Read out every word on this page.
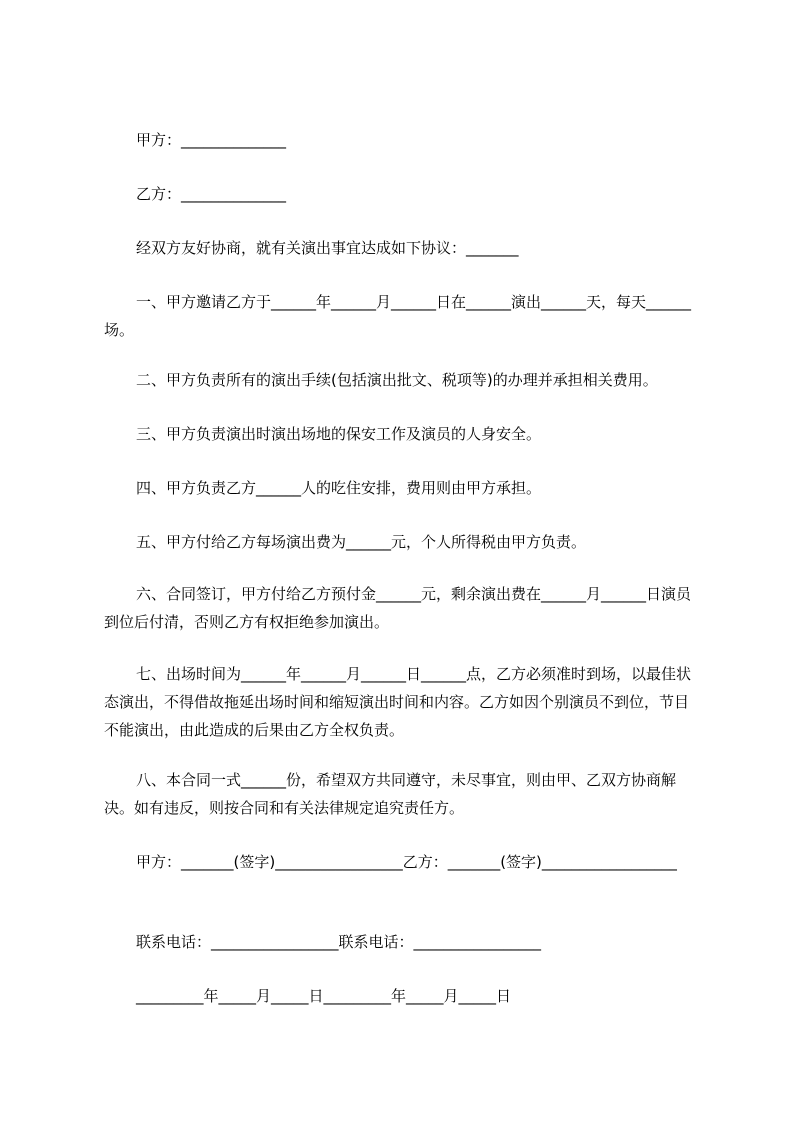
甲方：______________

乙方：______________

经双方友好协商，就有关演出事宜达成如下协议：_______

一、甲方邀请乙方于______年______月______日在______演出______天，每天______场。

二、甲方负责所有的演出手续(包括演出批文、税项等)的办理并承担相关费用。

三、甲方负责演出时演出场地的保安工作及演员的人身安全。

四、甲方负责乙方______人的吃住安排，费用则由甲方承担。

五、甲方付给乙方每场演出费为______元，个人所得税由甲方负责。

六、合同签订，甲方付给乙方预付金______元，剩余演出费在______月______日演员到位后付清，否则乙方有权拒绝参加演出。

七、出场时间为______年______月______日______点，乙方必须准时到场，以最佳状态演出，不得借故拖延出场时间和缩短演出时间和内容。乙方如因个别演员不到位，节目不能演出，由此造成的后果由乙方全权负责。

八、本合同一式______份，希望双方共同遵守，未尽事宜，则由甲、乙双方协商解决。如有违反，则按合同和有关法律规定追究责任方。

甲方：_______(签字)_________________乙方：_______(签字)__________________

联系电话：_________________联系电话：_________________

_________年_____月_____日_________年_____月_____日
